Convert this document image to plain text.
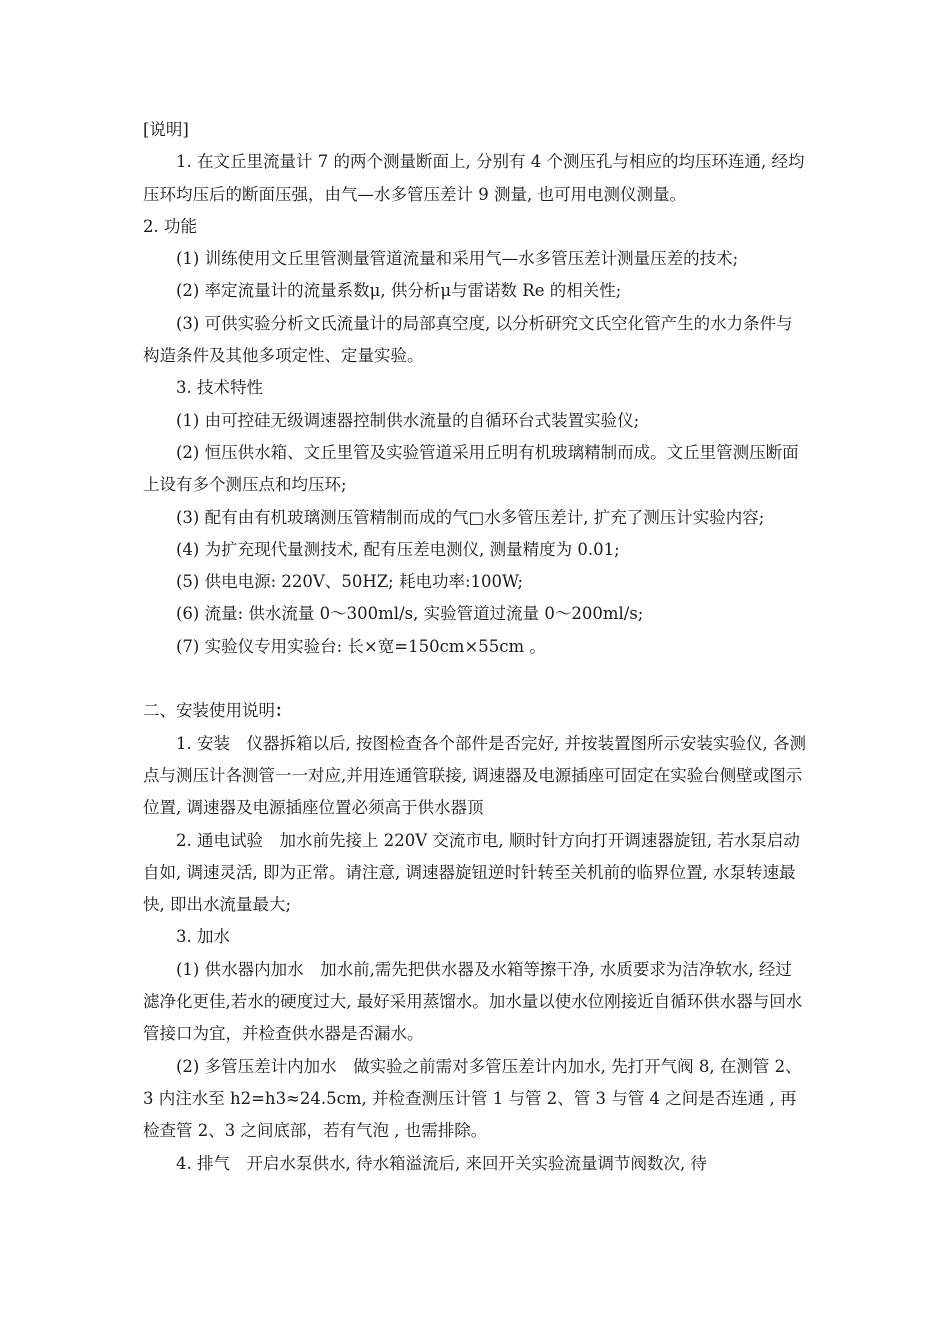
[说明]

1. 在文丘里流量计 7 的两个测量断面上, 分别有 4 个测压孔与相应的均压环连通, 经均压环均压后的断面压强，由气—水多管压差计 9 测量, 也可用电测仪测量。

2. 功能

(1) 训练使用文丘里管测量管道流量和采用气—水多管压差计测量压差的技术;

(2) 率定流量计的流量系数μ, 供分析μ与雷诺数 Re 的相关性;

(3) 可供实验分析文氏流量计的局部真空度, 以分析研究文氏空化管产生的水力条件与构造条件及其他多项定性、定量实验。

3. 技术特性

(1) 由可控硅无级调速器控制供水流量的自循环台式装置实验仪;

(2) 恒压供水箱、文丘里管及实验管道采用丘明有机玻璃精制而成。文丘里管测压断面上设有多个测压点和均压环;

(3) 配有由有机玻璃测压管精制而成的气□水多管压差计, 扩充了测压计实验内容;

(4) 为扩充现代量测技术, 配有压差电测仪, 测量精度为 0.01;

(5) 供电电源: 220V、50HZ; 耗电功率:100W;

(6) 流量: 供水流量 0～300ml/s, 实验管道过流量 0～200ml/s;

(7) 实验仪专用实验台: 长×宽=150cm×55cm 。

二、安装使用说明：

1. 安装　仪器拆箱以后, 按图检查各个部件是否完好, 并按装置图所示安装实验仪, 各测点与测压计各测管一一对应,并用连通管联接, 调速器及电源插座可固定在实验台侧壁或图示位置, 调速器及电源插座位置必须高于供水器顶

2. 通电试验　加水前先接上 220V 交流市电, 顺时针方向打开调速器旋钮, 若水泵启动自如, 调速灵活, 即为正常。请注意, 调速器旋钮逆时针转至关机前的临界位置, 水泵转速最快, 即出水流量最大;

3. 加水

(1) 供水器内加水　加水前,需先把供水器及水箱等擦干净, 水质要求为洁净软水, 经过滤净化更佳,若水的硬度过大, 最好采用蒸馏水。加水量以使水位刚接近自循环供水器与回水管接口为宜，并检查供水器是否漏水。

(2) 多管压差计内加水　做实验之前需对多管压差计内加水, 先打开气阀 8, 在测管 2、3 内注水至 h2=h3≈24.5cm, 并检查测压计管 1 与管 2、管 3 与管 4 之间是否连通 , 再检查管 2、3 之间底部，若有气泡 , 也需排除。

4. 排气　开启水泵供水, 待水箱溢流后, 来回开关实验流量调节阀数次, 待
